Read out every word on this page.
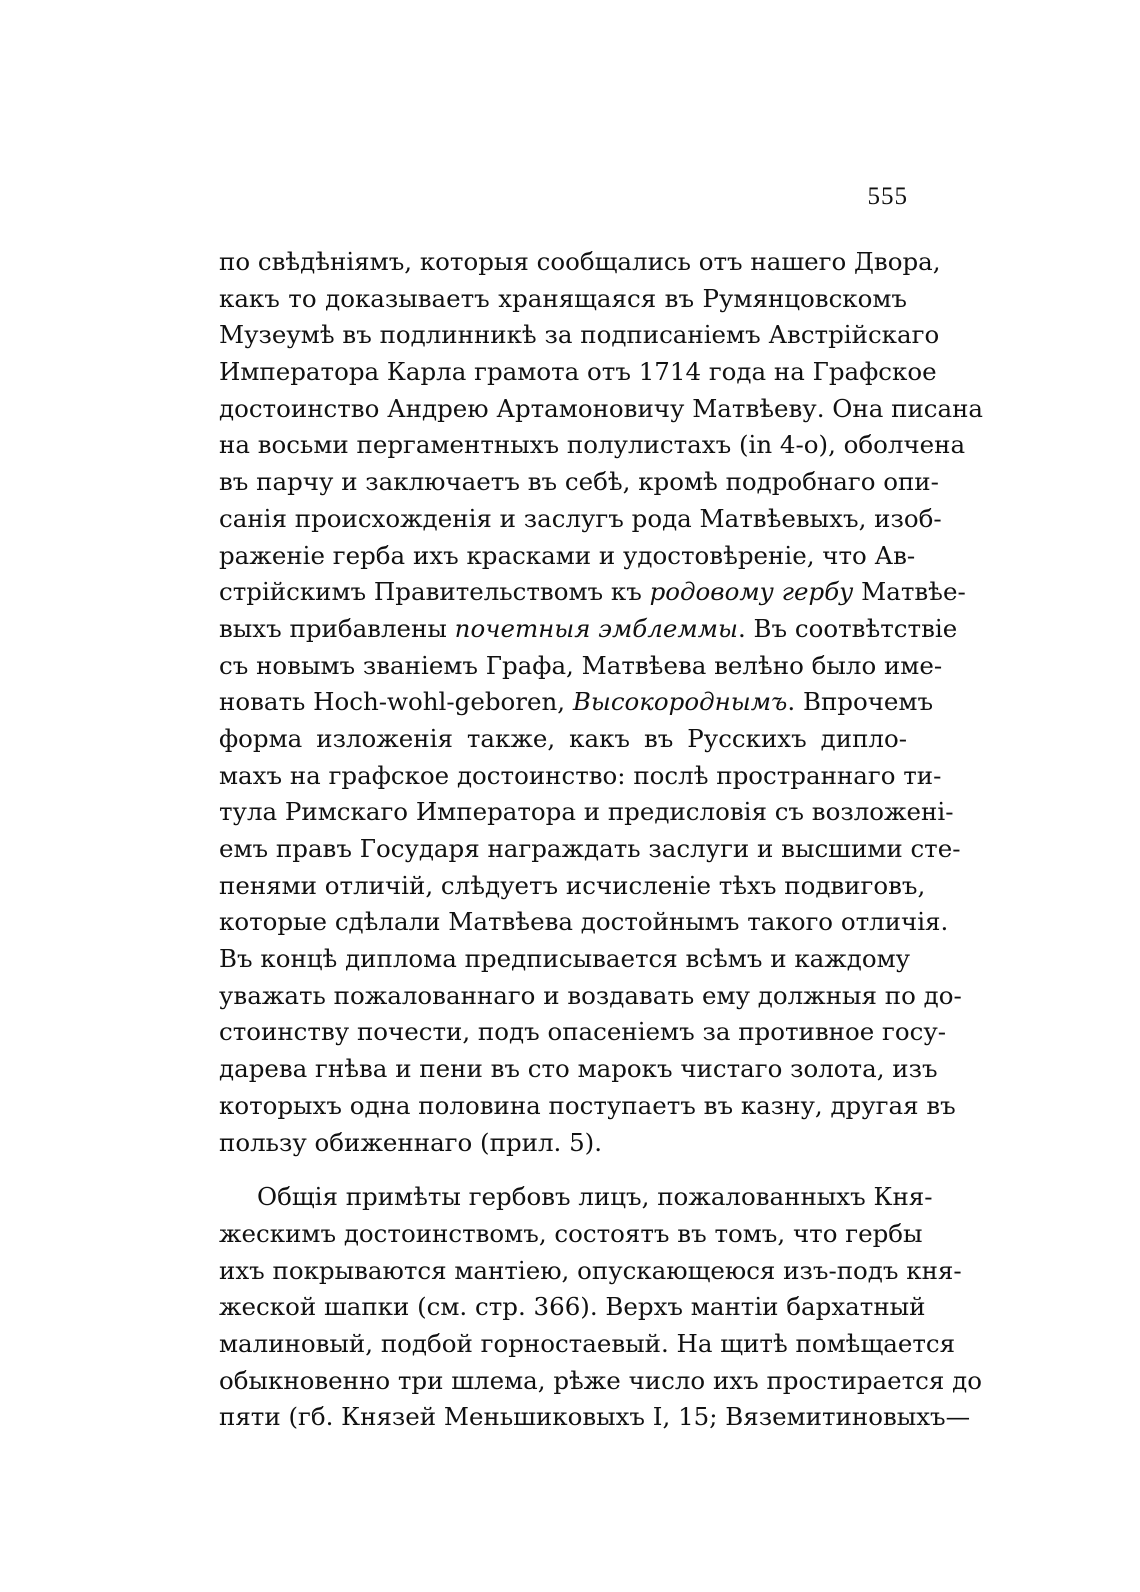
555
по свѣдѣніямъ, которыя сообщались отъ нашего Двора,
какъ то доказываетъ хранящаяся въ Румянцовскомъ
Музеумѣ въ подлинникѣ за подписаніемъ Австрійскаго
Императора Карла грамота отъ 1714 года на Графское
достоинство Андрею Артамоновичу Матвѣеву. Она писана
на восьми пергаментныхъ полулистахъ (in 4-o), оболчена
въ парчу и заключаетъ въ себѣ, кромѣ подробнаго опи-
санія происхожденія и заслугъ рода Матвѣевыхъ, изоб-
раженіе герба ихъ красками и удостовѣреніе, что Ав-
стрійскимъ Правительствомъ къ родовому гербу Матвѣе-
выхъ прибавлены почетныя эмблеммы. Въ соотвѣтствіе
съ новымъ званіемъ Графа, Матвѣева велѣно было име-
новать Hoch-wohl-geboren, Высокороднымъ. Впрочемъ
форма изложенія также, какъ въ Русскихъ дипло-
махъ на графское достоинство: послѣ пространнаго ти-
тула Римскаго Императора и предисловія съ возложені-
емъ правъ Государя награждать заслуги и высшими сте-
пенями отличій, слѣдуетъ исчисленіе тѣхъ подвиговъ,
которые сдѣлали Матвѣева достойнымъ такого отличія.
Въ концѣ диплома предписывается всѣмъ и каждому
уважать пожалованнаго и воздавать ему должныя по до-
стоинству почести, подъ опасеніемъ за противное госу-
дарева гнѣва и пени въ сто марокъ чистаго золота, изъ
которыхъ одна половина поступаетъ въ казну, другая въ
пользу обиженнаго (прил. 5).
Общія примѣты гербовъ лицъ, пожалованныхъ Кня-
жескимъ достоинствомъ, состоятъ въ томъ, что гербы
ихъ покрываются мантіею, опускающеюся изъ-подъ кня-
жеской шапки (см. стр. 366). Верхъ мантіи бархатный
малиновый, подбой горностаевый. На щитѣ помѣщается
обыкновенно три шлема, рѣже число ихъ простирается до
пяти (гб. Князей Меньшиковыхъ I, 15; Вяземитиновыхъ—
